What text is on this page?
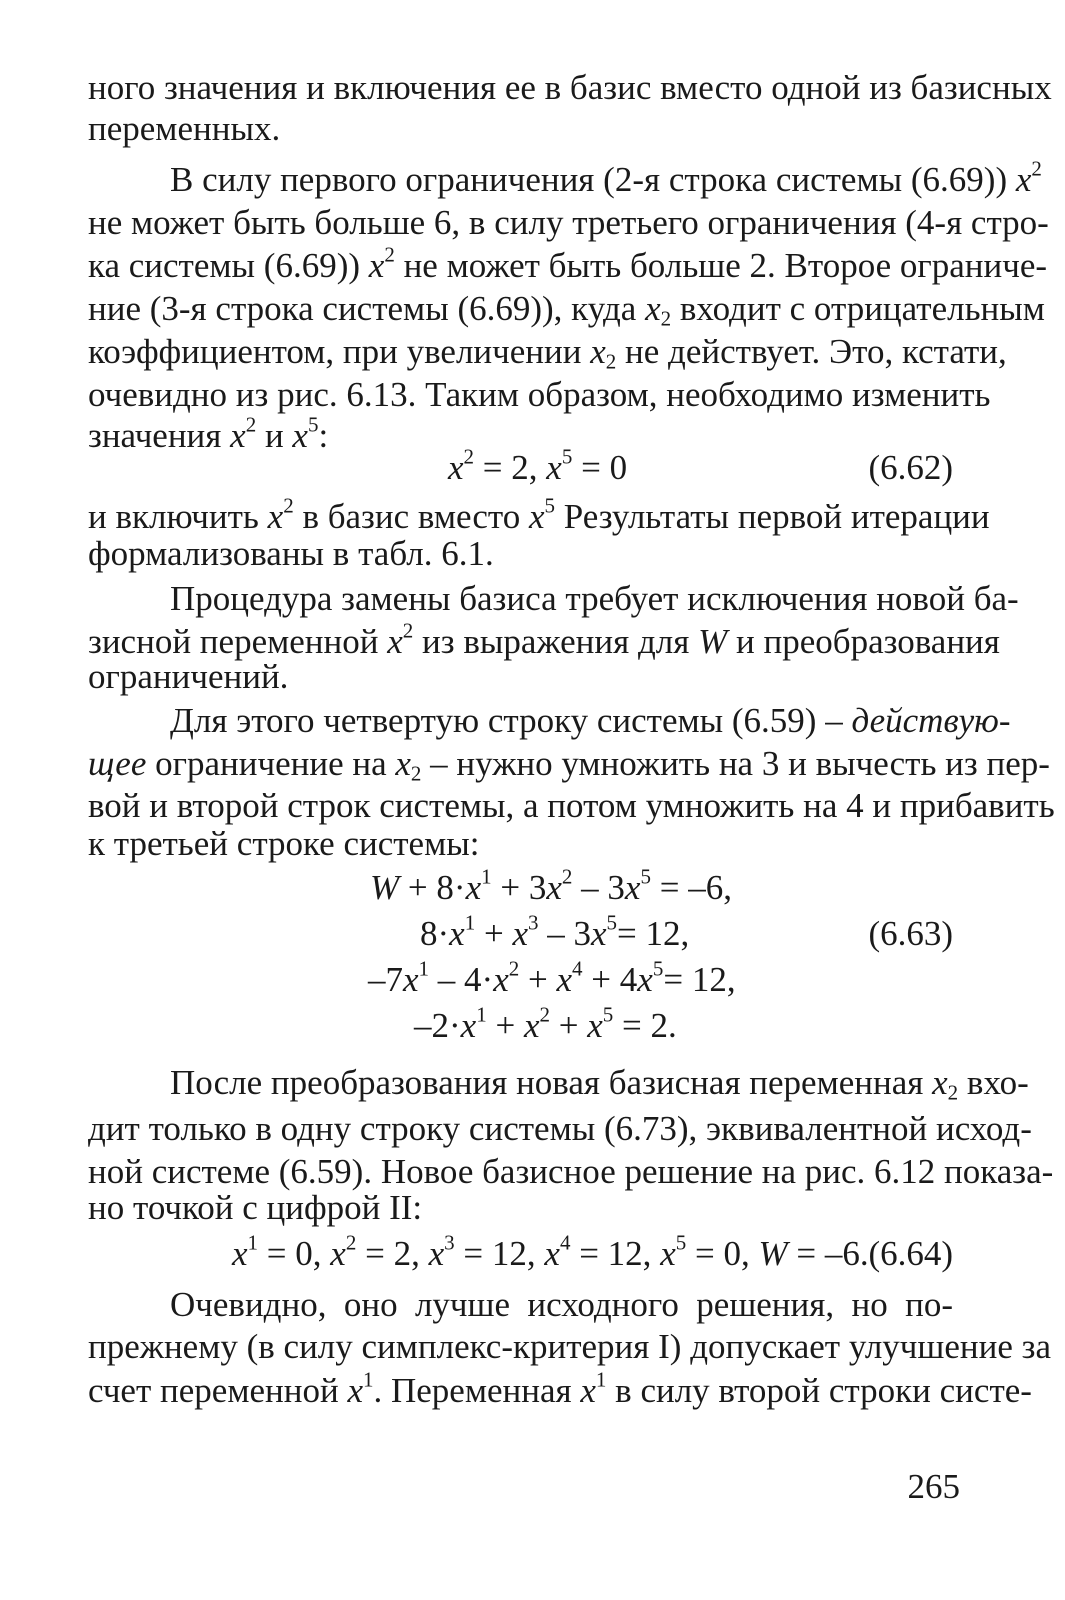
ного значения и включения ее в базис вместо одной из базисных
переменных.
В силу первого ограничения (2-я строка системы (6.69)) $x^2$
не может быть больше 6, в силу третьего ограничения (4-я стро-
ка системы (6.69)) $x^2$ не может быть больше 2. Второе ограниче-
ние (3-я строка системы (6.69)), куда $x_2$ входит с отрицательным
коэффициентом, при увеличении $x_2$ не действует. Это, кстати,
очевидно из рис. 6.13. Таким образом, необходимо изменить
значения $x^2$ и $x^5$:
$x^2 = 2$, $x^5 = 0$	(6.62)
и включить $x^2$ в базис вместо $x^5$ Результаты первой итерации
формализованы в табл. 6.1.
Процедура замены базиса требует исключения новой ба-
зисной переменной $x^2$ из выражения для W и преобразования
ограничений.
Для этого четвертую строку системы (6.59) – действую-
щее ограничение на $x_2$ – нужно умножить на 3 и вычесть из пер-
вой и второй строк системы, а потом умножить на 4 и прибавить
к третьей строке системы:
$W + 8\cdot x^1 + 3x^2 - 3x^5 = -6$,
$8\cdot x^1 + x^3 - 3x^5= 12$,	(6.63)
$-7x^1 - 4\cdot x^2 + x^4 + 4x^5= 12$,
$-2\cdot x^1 + x^2 + x^5 = 2$.
После преобразования новая базисная переменная $x_2$ вхо-
дит только в одну строку системы (6.73), эквивалентной исход-
ной системе (6.59). Новое базисное решение на рис. 6.12 показа-
но точкой с цифрой II:
$x^1 = 0$, $x^2 = 2$, $x^3 = 12$, $x^4 = 12$, $x^5 = 0$, W = –6. (6.64)
Очевидно, оно лучше исходного решения, но по-
прежнему (в силу симплекс-критерия I) допускает улучшение за
счет переменной $x^1$. Переменная $x^1$ в силу второй строки систе-
265
